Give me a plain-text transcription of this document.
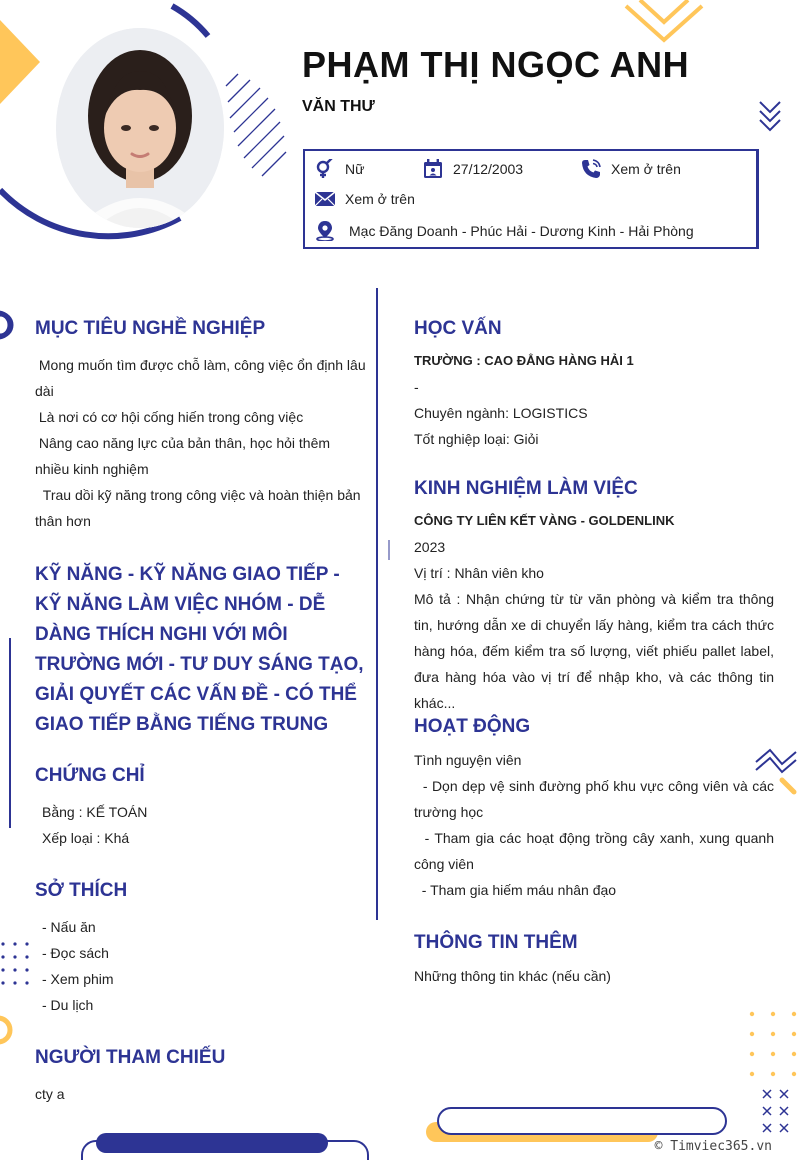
PHẠM THỊ NGỌC ANH
VĂN THƯ
Nữ	27/12/2003	Xem ở trên
Xem ở trên
Mạc Đăng Doanh - Phúc Hải - Dương Kinh - Hải Phòng
MỤC TIÊU NGHỀ NGHIỆP
Mong muốn tìm được chỗ làm, công việc ổn định lâu dài
Là nơi có cơ hội cống hiến trong công việc
Nâng cao năng lực của bản thân, học hỏi thêm nhiều kinh nghiệm
Trau dồi kỹ năng trong công việc và hoàn thiện bản thân hơn
KỸ NĂNG - KỸ NĂNG GIAO TIẾP - KỸ NĂNG LÀM VIỆC NHÓM - DỄ DÀNG THÍCH NGHI VỚI MÔI TRƯỜNG MỚI - TƯ DUY SÁNG TẠO, GIẢI QUYẾT CÁC VẤN ĐỀ - CÓ THỂ GIAO TIẾP BẰNG TIẾNG TRUNG
CHỨNG CHỈ
Bằng : KẾ TOÁN
Xếp loại : Khá
SỞ THÍCH
- Nấu ăn
- Đọc sách
- Xem phim
- Du lịch
NGƯỜI THAM CHIẾU
cty a
HỌC VẤN
TRƯỜNG : CAO ĐẲNG HÀNG HẢI 1
-
Chuyên ngành: LOGISTICS
Tốt nghiệp loại: Giỏi
KINH NGHIỆM LÀM VIỆC
CÔNG TY LIÊN KẾT VÀNG - GOLDENLINK
2023
Vị trí : Nhân viên kho
Mô tả : Nhận chứng từ từ văn phòng và kiểm tra thông tin, hướng dẫn xe di chuyển lấy hàng, kiểm tra cách thức hàng hóa, đếm kiểm tra số lượng, viết phiếu pallet label, đưa hàng hóa vào vị trí để nhập kho, và các thông tin khác...
HOẠT ĐỘNG
Tình nguyện viên
- Dọn dẹp vệ sinh đường phố khu vực công viên và các trường học
- Tham gia các hoạt động trồng cây xanh, xung quanh công viên
- Tham gia hiếm máu nhân đạo
THÔNG TIN THÊM
Những thông tin khác (nếu cần)
© Timviec365.vn
